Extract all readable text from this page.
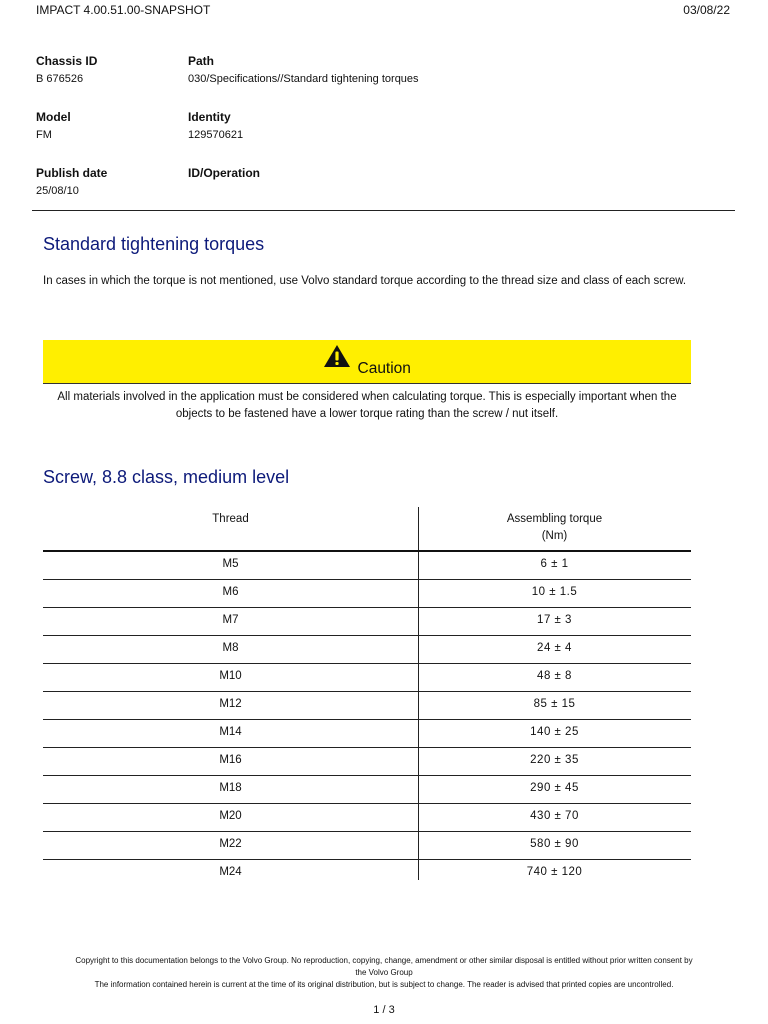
IMPACT 4.00.51.00-SNAPSHOT	03/08/22
Chassis ID
B 676526
Path
030/Specifications//Standard tightening torques
Model
FM
Identity
129570621
Publish date
25/08/10
ID/Operation
Standard tightening torques
In cases in which the torque is not mentioned, use Volvo standard torque according to the thread size and class of each screw.
Caution
All materials involved in the application must be considered when calculating torque. This is especially important when the objects to be fastened have a lower torque rating than the screw / nut itself.
Screw, 8.8 class, medium level
Thread	Assembling torque
(Nm)
M5	6 ± 1
M6	10 ± 1.5
M7	17 ± 3
M8	24 ± 4
M10	48 ± 8
M12	85 ± 15
M14	140 ± 25
M16	220 ± 35
M18	290 ± 45
M20	430 ± 70
M22	580 ± 90
M24	740 ± 120
Copyright to this documentation belongs to the Volvo Group. No reproduction, copying, change, amendment or other similar disposal is entitled without prior written consent by
the Volvo Group
The information contained herein is current at the time of its original distribution, but is subject to change. The reader is advised that printed copies are uncontrolled.
1 / 3
